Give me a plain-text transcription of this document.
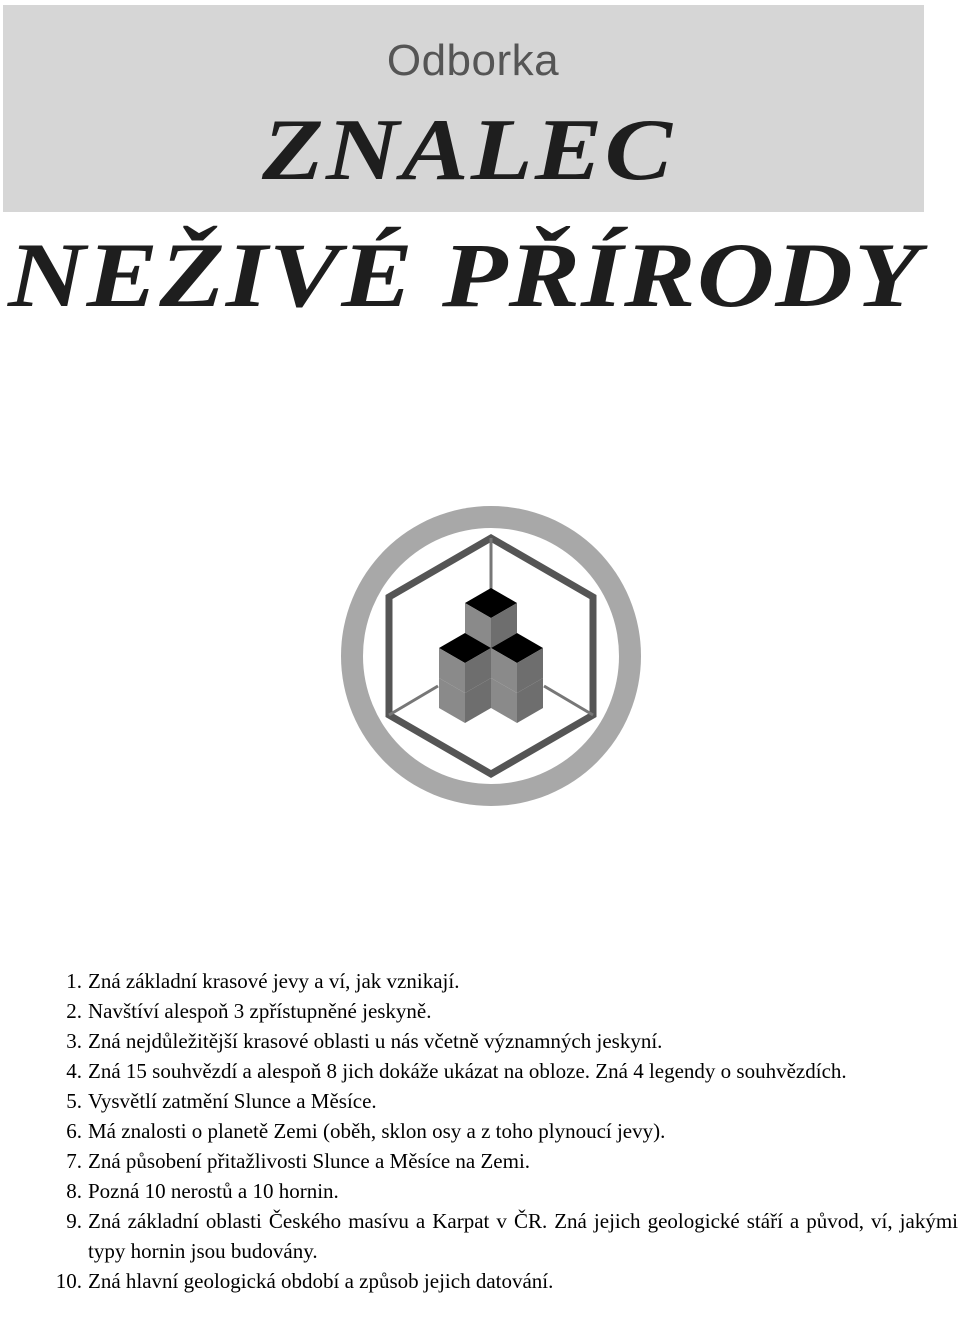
Odborka
ZNALEC
NEŽIVÉ PŘÍRODY
1. Zná základní krasové jevy a ví, jak vznikají.
2. Navštíví alespoň 3 zpřístupněné jeskyně.
3. Zná nejdůležitější krasové oblasti u nás včetně významných jeskyní.
4. Zná 15 souhvězdí a alespoň 8 jich dokáže ukázat na obloze. Zná 4 legendy o souhvězdích.
5. Vysvětlí zatmění Slunce a Měsíce.
6. Má znalosti o planetě Zemi (oběh, sklon osy a z toho plynoucí jevy).
7. Zná působení přitažlivosti Slunce a Měsíce na Zemi.
8. Pozná 10 nerostů a 10 hornin.
9. Zná základní oblasti Českého masívu a Karpat v ČR. Zná jejich geologické stáří a původ, ví, jakými typy hornin jsou budovány.
10. Zná hlavní geologická období a způsob jejich datování.
